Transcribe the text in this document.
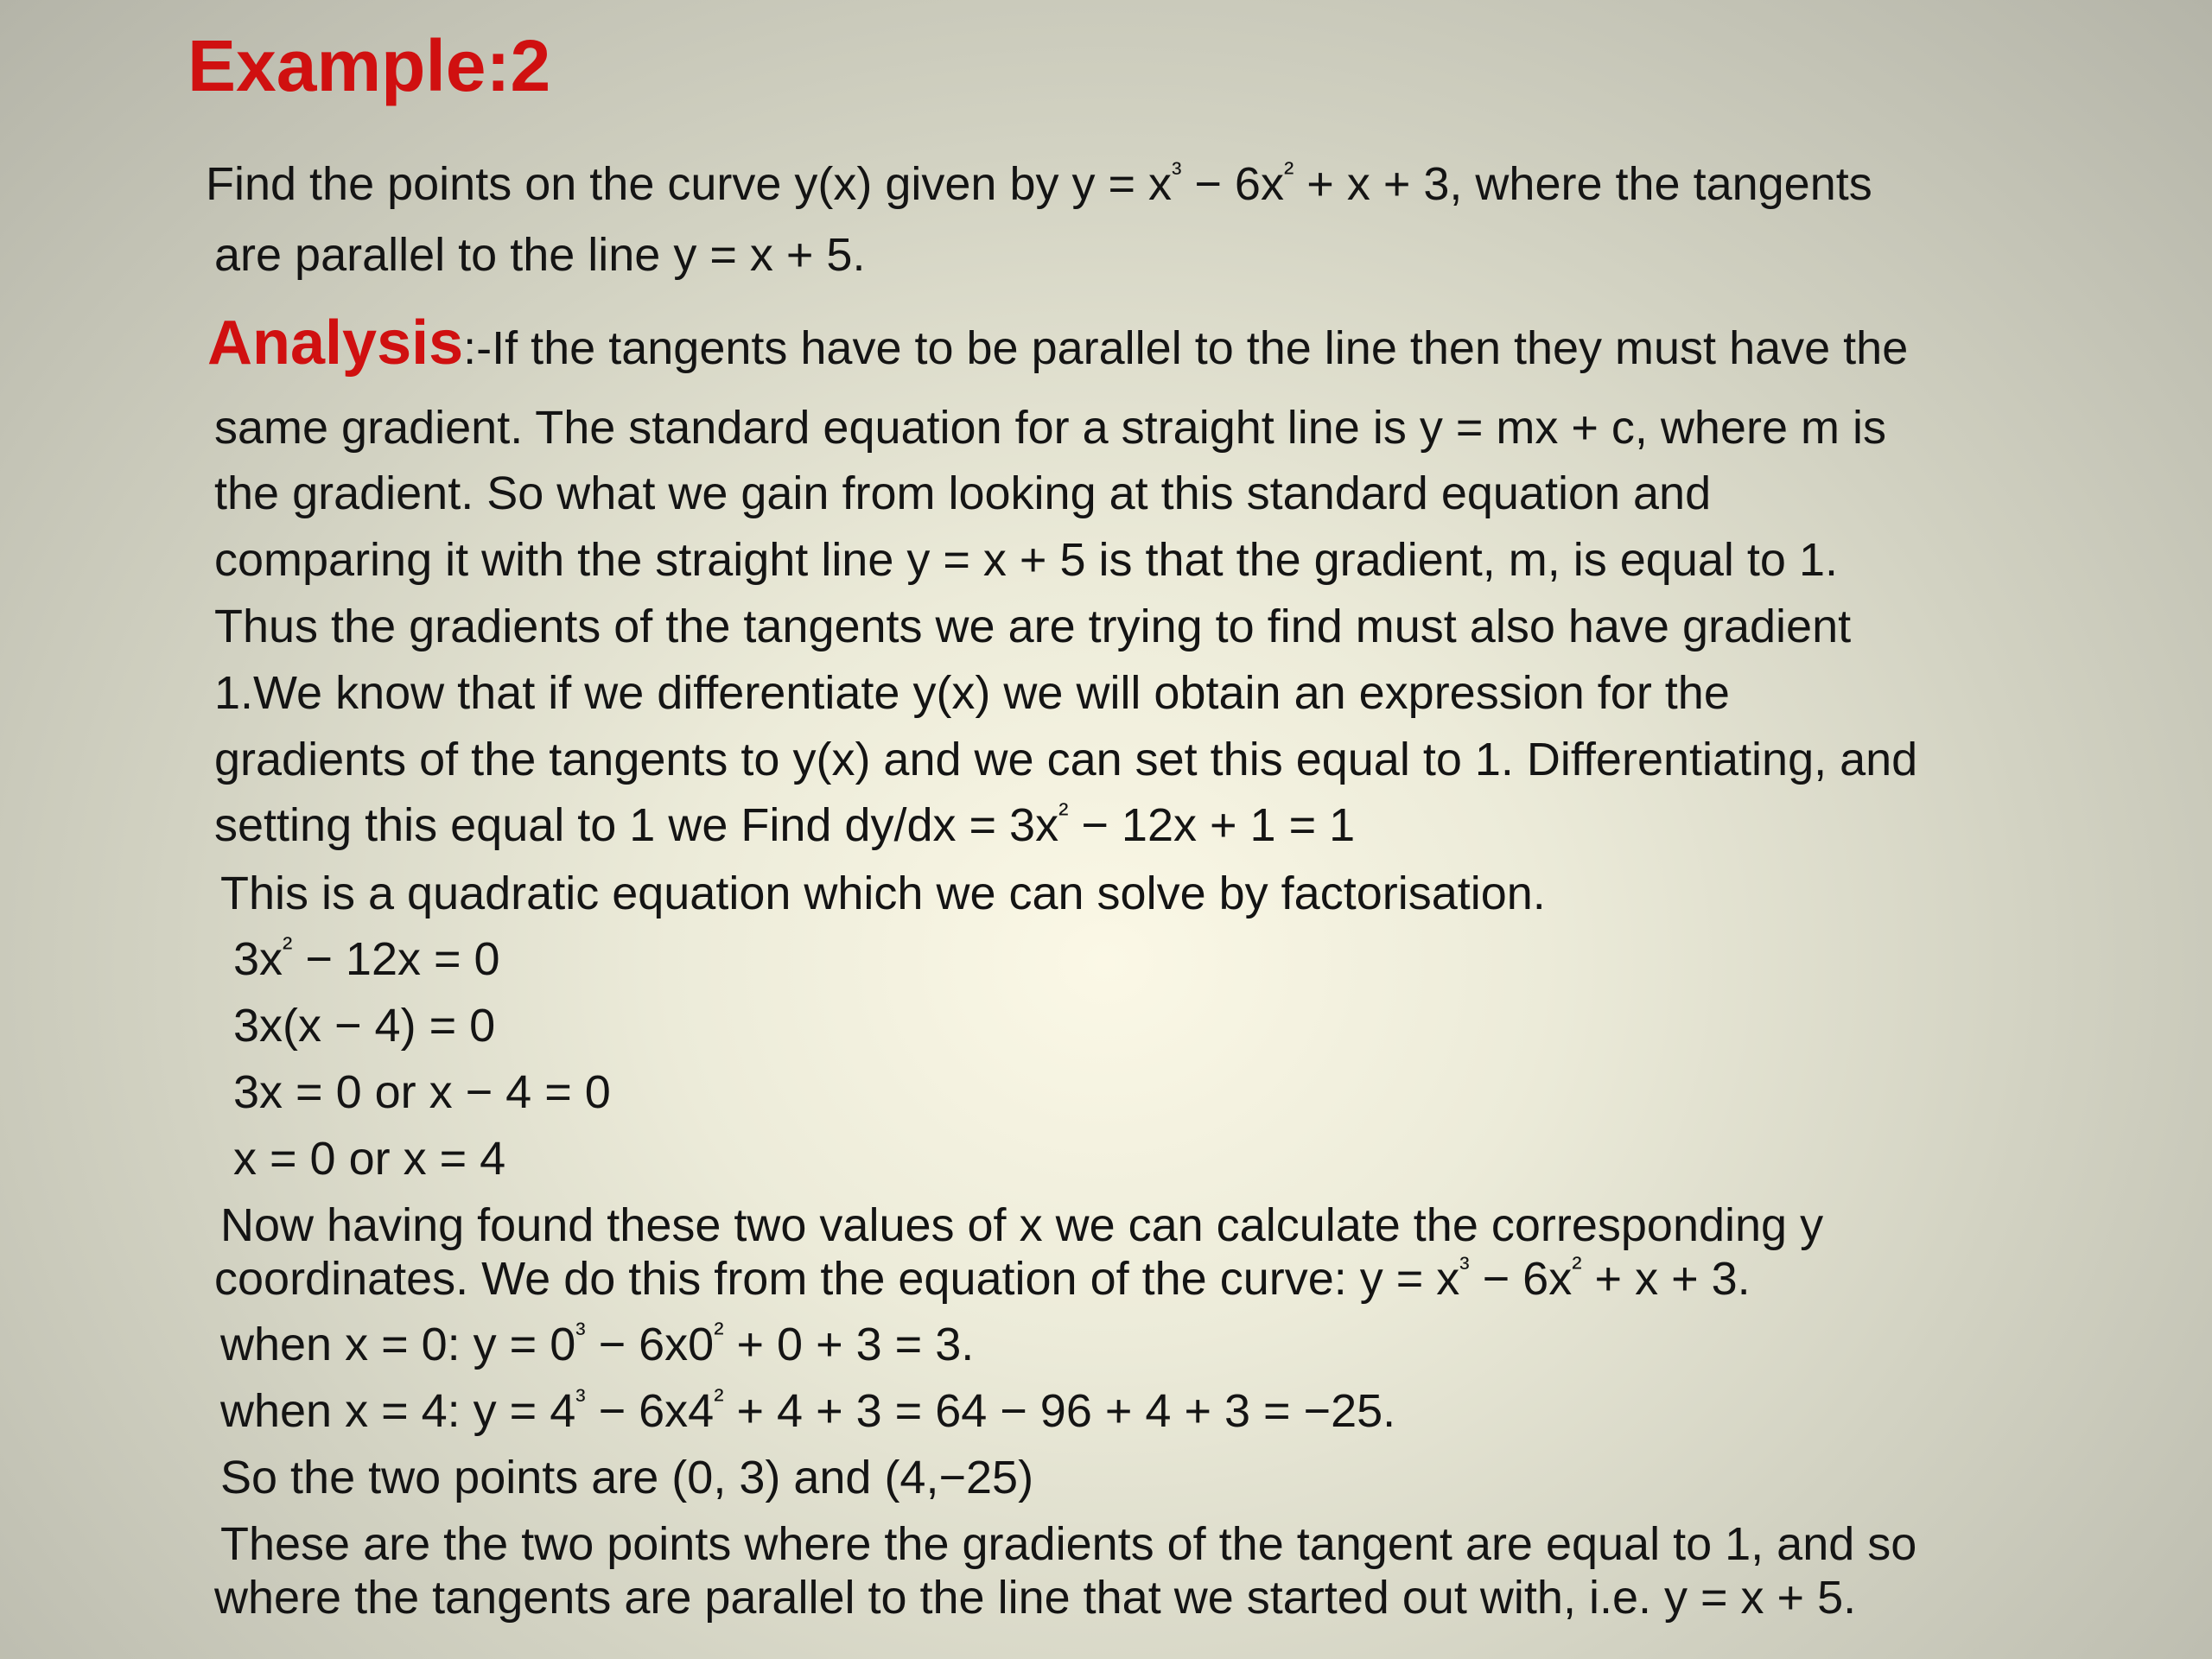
Example:2
Find the points on the curve y(x) given by $y = x^{^3} - 6x^{^2} + x + 3$, where the tangents
are parallel to the line y = x + 5.
Analysis:-If the tangents have to be parallel to the line then they must have the
same gradient. The standard equation for a straight line is y = mx + c, where m is
the gradient. So what we gain from looking at this standard equation and
comparing it with the straight line y = x + 5 is that the gradient, m, is equal to 1.
Thus the gradients of the tangents we are trying to find must also have gradient
1.We know that if we differentiate y(x) we will obtain an expression for the
gradients of the tangents to y(x) and we can set this equal to 1. Differentiating, and
setting this equal to 1 we Find $dy/dx = 3x^{^2} - 12x + 1 = 1$
This is a quadratic equation which we can solve by factorisation.
$3x^{^2} - 12x = 0$
3x(x − 4) = 0
3x = 0 or x − 4 = 0
x = 0 or x = 4
Now having found these two values of x we can calculate the corresponding y
coordinates. We do this from the equation of the curve: $y = x^{^3} - 6x^{^2} + x + 3$.
when x = 0: $y = 0^{^3} - 6x0^{^2} + 0 + 3 = 3$.
when x = 4: $y = 4^{^3} - 6x4^{^2} + 4 + 3 = 64 - 96 + 4 + 3 = -25$.
So the two points are (0, 3) and (4,−25)
These are the two points where the gradients of the tangent are equal to 1, and so
where the tangents are parallel to the line that we started out with, i.e. y = x + 5.
